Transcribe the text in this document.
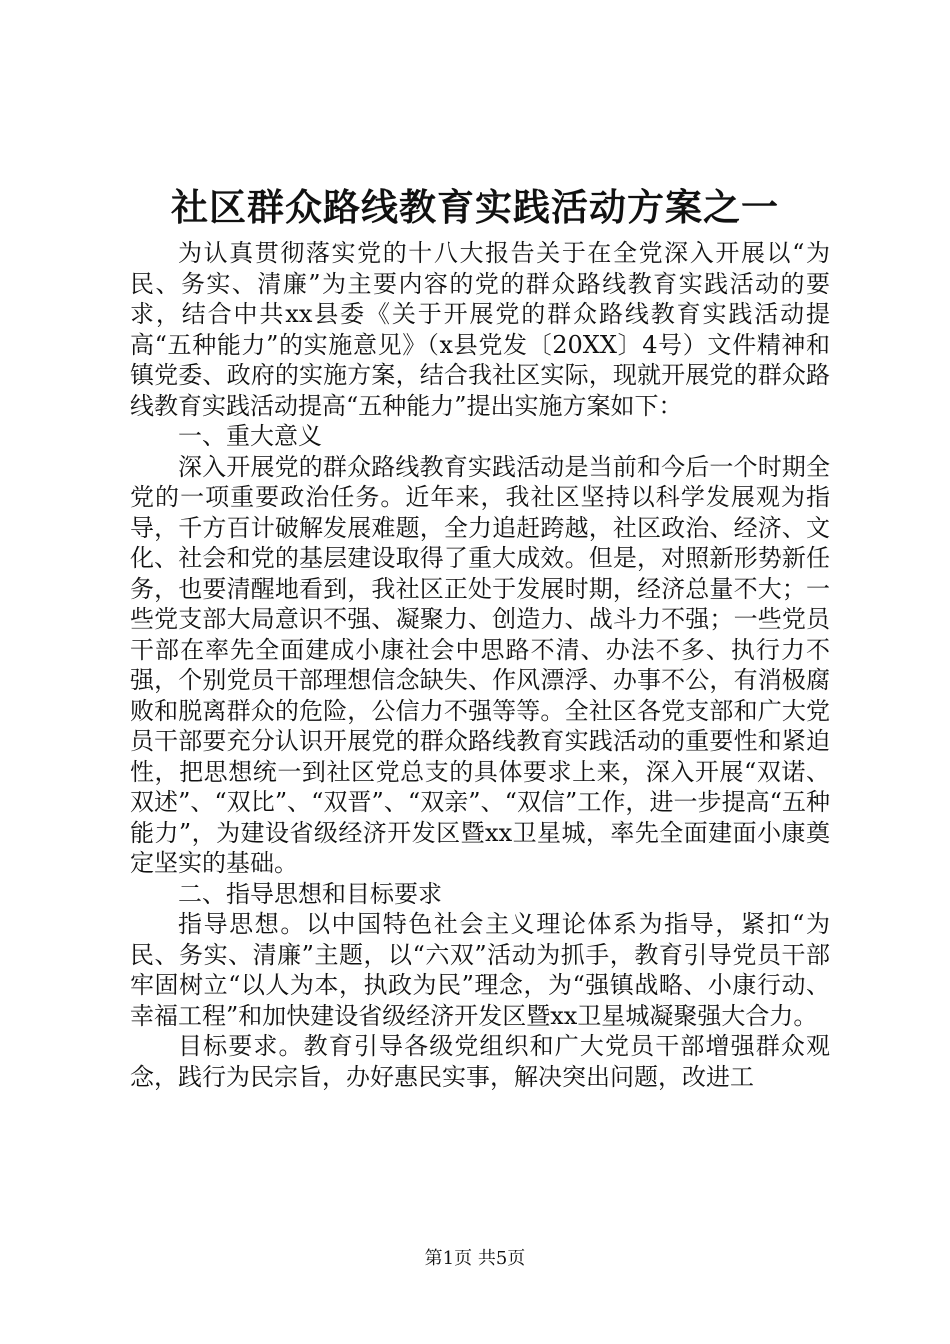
社区群众路线教育实践活动方案之一

为认真贯彻落实党的十八大报告关于在全党深入开展以“为民、务实、清廉”为主要内容的党的群众路线教育实践活动的要求，结合中共xx县委《关于开展党的群众路线教育实践活动提高“五种能力”的实施意见》（x县党发〔20XX〕4号）文件精神和镇党委、政府的实施方案，结合我社区实际，现就开展党的群众路线教育实践活动提高“五种能力”提出实施方案如下：

一、重大意义

深入开展党的群众路线教育实践活动是当前和今后一个时期全党的一项重要政治任务。近年来，我社区坚持以科学发展观为指导，千方百计破解发展难题，全力追赶跨越，社区政治、经济、文化、社会和党的基层建设取得了重大成效。但是，对照新形势新任务，也要清醒地看到，我社区正处于发展时期，经济总量不大；一些党支部大局意识不强、凝聚力、创造力、战斗力不强；一些党员干部在率先全面建成小康社会中思路不清、办法不多、执行力不强，个别党员干部理想信念缺失、作风漂浮、办事不公，有消极腐败和脱离群众的危险，公信力不强等等。全社区各党支部和广大党员干部要充分认识开展党的群众路线教育实践活动的重要性和紧迫性，把思想统一到社区党总支的具体要求上来，深入开展“双诺、双述”、“双比”、“双晋”、“双亲”、“双信”工作，进一步提高“五种能力”，为建设省级经济开发区暨xx卫星城，率先全面建面小康奠定坚实的基础。

二、指导思想和目标要求

指导思想。以中国特色社会主义理论体系为指导，紧扣“为民、务实、清廉”主题，以“六双”活动为抓手，教育引导党员干部牢固树立“以人为本，执政为民”理念，为“强镇战略、小康行动、幸福工程”和加快建设省级经济开发区暨xx卫星城凝聚强大合力。

目标要求。教育引导各级党组织和广大党员干部增强群众观念，践行为民宗旨，办好惠民实事，解决突出问题，改进工

第1页 共5页
